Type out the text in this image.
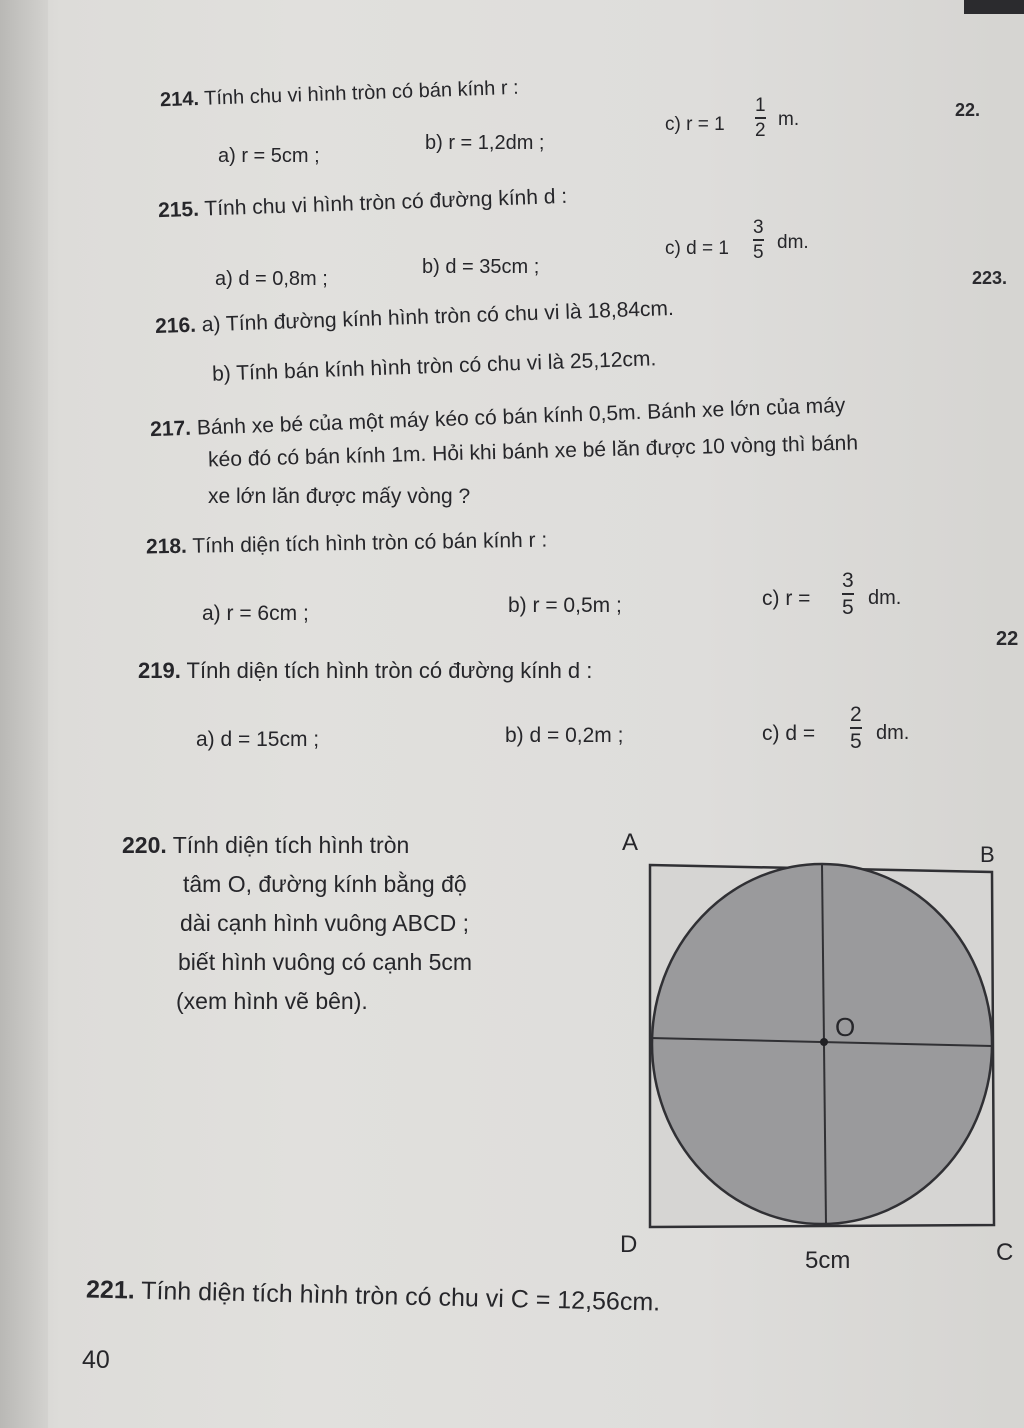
214. Tính chu vi hình tròn có bán kính r :
a) r = 5cm ;
b) r = 1,2dm ;
c) r = 1
1
2
m.
215. Tính chu vi hình tròn có đường kính d :
a) d = 0,8m ;
b) d = 35cm ;
c) d = 1
3
5 dm.
216. a) Tính đường kính hình tròn có chu vi là 18,84cm.
b) Tính bán kính hình tròn có chu vi là 25,12cm.
217. Bánh xe bé của một máy kéo có bán kính 0,5m. Bánh xe lớn của máy
kéo đó có bán kính 1m. Hỏi khi bánh xe bé lăn được 10 vòng thì bánh
xe lớn lăn được mấy vòng ?
218. Tính diện tích hình tròn có bán kính r :
a) r = 6cm ;	b) r = 0,5m ;	c) r =
3
5 dm.
219. Tính diện tích hình tròn có đường kính d :
a) d = 15cm ;	b) d = 0,2m ;	c) d =
2
5 dm.
220. Tính diện tích hình tròn
tâm O, đường kính bằng độ
dài cạnh hình vuông ABCD ;
biết hình vuông có cạnh 5cm
(xem hình vẽ bên).
A	B
C
D
O
5cm
221. Tính diện tích hình tròn có chu vi C = 12,56cm.
22.
223.
22
40
